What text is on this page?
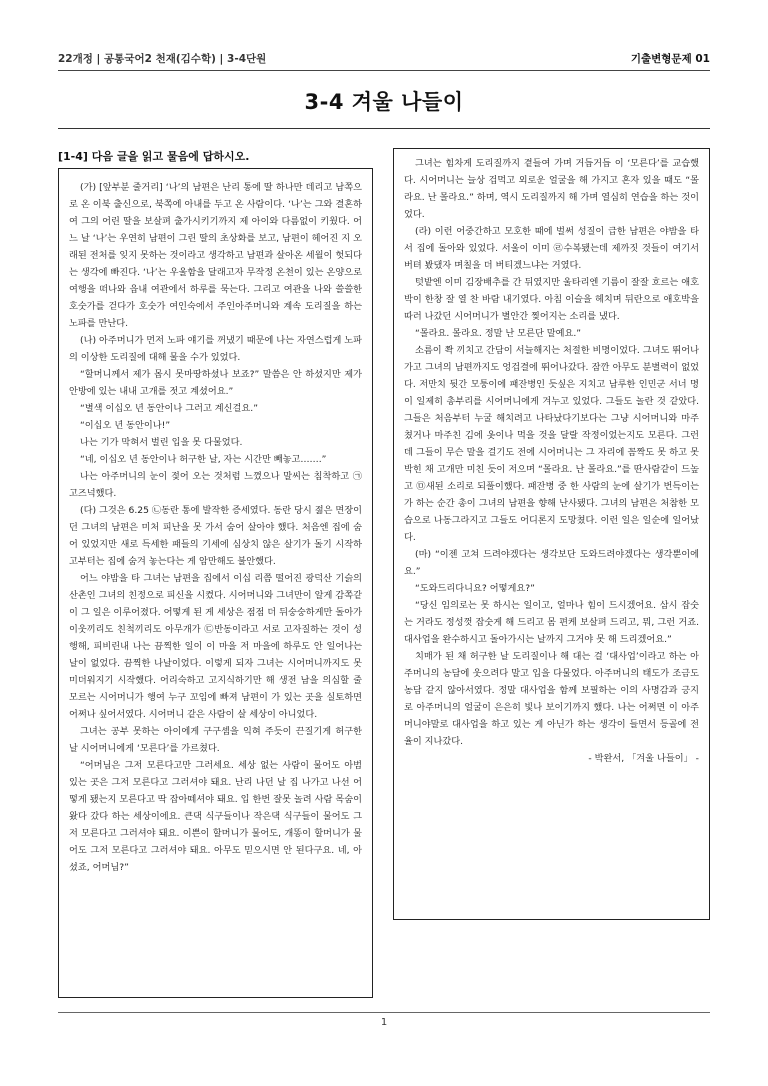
22개정 | 공통국어2 천재(김수학) | 3-4단원	기출변형문제 01
3-4 겨울 나들이
[1-4] 다음 글을 읽고 물음에 답하시오.

(가) [앞부분 줄거리] ‘나’의 남편은 난리 통에 딸 하나만 데리고 남쪽으로 온 이북 출신으로, 북쪽에 아내를 두고 온 사람이다. ‘나’는 그와 결혼하여 그의 어린 딸을 보살펴 출가시키기까지 제 아이와 다름없이 키웠다. 어느 날 ‘나’는 우연히 남편이 그린 딸의 초상화를 보고, 남편이 헤어진 지 오래된 전처를 잊지 못하는 것이라고 생각하고 남편과 살아온 세월이 헛되다는 생각에 빠진다. ‘나’는 우울함을 달래고자 무작정 온천이 있는 온양으로 여행을 떠나와 읍내 여관에서 하루를 묵는다. 그리고 여관을 나와 쓸쓸한 호숫가를 걷다가 호숫가 여인숙에서 주인아주머니와 계속 도리질을 하는 노파를 만난다.

(나) 아주머니가 먼저 노파 얘기를 꺼냈기 때문에 나는 자연스럽게 노파의 이상한 도리질에 대해 물을 수가 있었다.

“할머니께서 제가 몹시 못마땅하셨나 보죠?” 말씀은 안 하셨지만 제가 안방에 있는 내내 고개를 젓고 계셨어요.”

“별색 이십오 년 동안이나 그러고 계신걸요.”

“이십오 년 동안이나!”

나는 기가 막혀서 벌린 입을 못 다물었다.

“네, 이십오 년 동안이나 허구한 날, 자는 시간만 빼놓고…….”

나는 아주머니의 눈이 젖어 오는 것처럼 느꼈으나 말씨는 침착하고 ㉠고즈넉했다.

(다) 그것은 6.25 ㉡동란 통에 발작한 증세였다. 동란 당시 젊은 면장이던 그녀의 남편은 미처 피난을 못 가서 숨어 살아야 했다. 처음엔 집에 숨어 있었지만 새로 득세한 패들의 기세에 심상치 않은 살기가 돌기 시작하고부터는 집에 숨겨 놓는다는 게 암만해도 불안했다.

어느 야밤을 타 그녀는 남편을 집에서 이십 리쯤 떨어진 광덕산 기슭의 산촌인 그녀의 친정으로 피신을 시켰다. 시어머니와 그녀만이 알게 감쪽같이 그 일은 이루어졌다. 어떻게 된 게 세상은 점점 더 뒤숭숭하게만 돌아가 이웃끼리도 친척끼리도 아무개가 ㉢반동이라고 서로 고자질하는 것이 성행해, 피비린내 나는 끔찍한 일이 이 마을 저 마을에 하루도 안 일어나는 날이 없었다. 끔찍한 나날이었다. 이렇게 되자 그녀는 시어머니까지도 못 미더워지기 시작했다. 어리숙하고 고지식하기만 해 생전 남을 의심할 줄 모르는 시어머니가 행여 누구 꼬임에 빠져 남편이 가 있는 곳을 실토하면 어쩌나 싶어서였다. 시어머니 같은 사람이 살 세상이 아니었다.

그녀는 공부 못하는 아이에게 구구셈을 익혀 주듯이 끈질기게 허구한 날 시어머니에게 ‘모른다’를 가르쳤다.

“어머님은 그저 모른다고만 그러세요. 세상 없는 사람이 물어도 아범 있는 곳은 그저 모른다고 그러셔야 돼요. 난리 나던 날 집 나가고 나선 어떻게 됐는지 모른다고 딱 잡아떼셔야 돼요. 입 한번 잘못 놀려 사람 목숨이 왔다 갔다 하는 세상이에요. 큰댁 식구들이나 작은댁 식구들이 물어도 그저 모른다고 그러셔야 돼요. 이쁜이 할머니가 물어도, 개똥이 할머니가 물어도 그저 모른다고 그러셔야 돼요. 아무도 믿으시면 안 된다구요. 네, 아셨죠, 어머님?”

그녀는 힘차게 도리질까지 곁들여 가며 거듭거듭 이 ‘모른다’를 교습했다. 시어머니는 늘상 겁먹고 외로운 얼굴을 해 가지고 혼자 있을 때도 “몰라요. 난 몰라요.” 하며, 역시 도리질까지 해 가며 열심히 연습을 하는 것이었다.

(라) 이런 어중간하고 모호한 때에 벌써 성질이 급한 남편은 야밤을 타서 집에 돌아와 있었다. 서울이 이미 ㉣수복됐는데 제까짓 것들이 여기서 버텨 봤댔자 며칠을 더 버티겠느냐는 거였다.

텃밭엔 이미 김장배추를 간 뒤였지만 울타리엔 기름이 잘잘 흐르는 애호박이 한창 잘 열 찬 바람 내기였다. 아침 이슬을 헤치며 뒤란으로 애호박을 따러 나갔던 시어머니가 별안간 찢어지는 소리를 냈다.

“몰라요. 몰라요. 정말 난 모른단 말예요.”

소름이 쫙 끼치고 간담이 서늘해지는 처절한 비명이었다. 그녀도 뛰어나가고 그녀의 남편까지도 엉겁결에 뛰어나갔다. 잠깐 아무도 분별력이 없었다. 저만치 뒷간 모퉁이에 패잔병인 듯싶은 지치고 남루한 인민군 서너 명이 일제히 총부리를 시어머니에게 겨누고 있었다. 그들도 놀란 것 같았다. 그들은 처음부터 누굴 해치려고 나타났다기보다는 그냥 시어머니와 마주쳤거나 마주친 김에 옷이나 먹을 것을 달랄 작정이었는지도 모른다. 그런데 그들이 무슨 말을 걸기도 전에 시어머니는 그 자리에 꼼짝도 못 하고 못 박힌 채 고개만 미친 듯이 저으며 “몰라요. 난 몰라요.”를 딴사람같이 드높고 ㉤새된 소리로 되풀이했다. 패잔병 중 한 사람의 눈에 살기가 번득이는가 하는 순간 총이 그녀의 남편을 향해 난사됐다. 그녀의 남편은 처참한 모습으로 나동그라지고 그들도 어디론지 도망쳤다. 이런 일은 일순에 일어났다.

(마) “이젠 고쳐 드려야겠다는 생각보단 도와드려야겠다는 생각뿐이에요.”

“도와드리다니요? 어떻게요?”

“당신 임의로는 못 하시는 일이고, 얼마나 힘이 드시겠어요. 삼시 잡숫는 거라도 정성껏 잡숫게 해 드리고 몸 편케 보살펴 드리고, 뭐, 그런 거죠. 대사업을 완수하시고 돌아가시는 날까지 그거야 못 해 드리겠어요.”

치매가 된 채 허구한 날 도리질이나 해 대는 걸 ‘대사업’이라고 하는 아주머니의 농담에 웃으려다 말고 입을 다물었다. 아주머니의 태도가 조금도 농담 같지 않아서였다. 정말 대사업을 함께 보필하는 이의 사명감과 긍지로 아주머니의 얼굴이 은은히 빛나 보이기까지 했다. 나는 어쩌면 이 아주머니야말로 대사업을 하고 있는 게 아닌가 하는 생각이 들면서 등골에 전율이 지나갔다.

- 박완서, 「겨울 나들이」 -
1
